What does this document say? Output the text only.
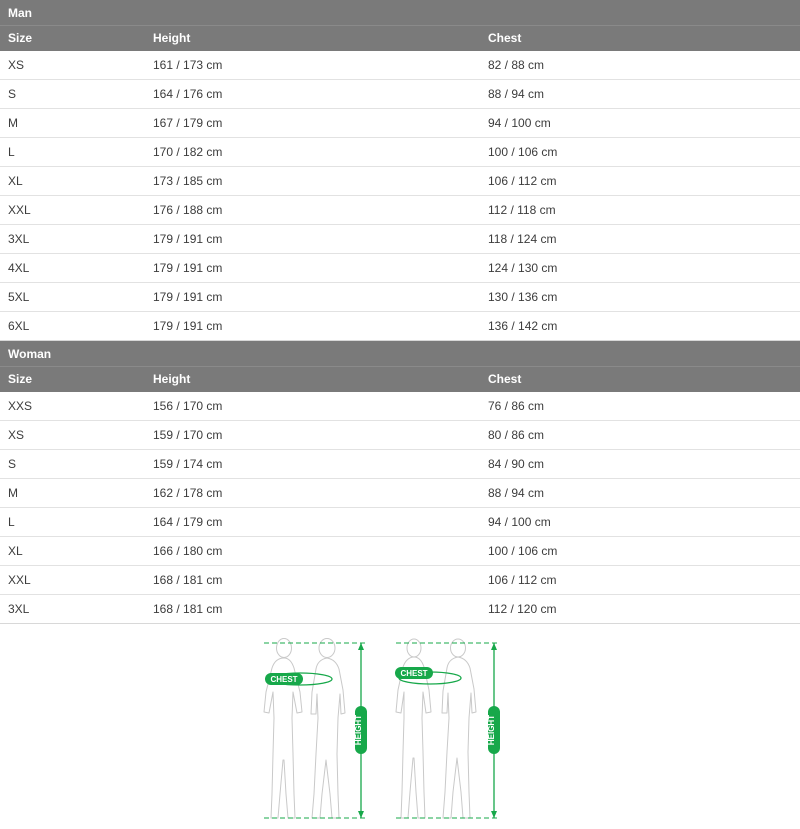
Man		
Size	Height	Chest
XS	161 / 173 cm	82 / 88 cm
S	164 / 176 cm	88 / 94 cm
M	167 / 179 cm	94 / 100 cm
L	170 / 182 cm	100 / 106 cm
XL	173 / 185 cm	106 / 112 cm
XXL	176 / 188 cm	112 / 118 cm
3XL	179 / 191 cm	118 / 124 cm
4XL	179 / 191 cm	124 / 130 cm
5XL	179 / 191 cm	130 / 136 cm
6XL	179 / 191 cm	136 / 142 cm
Woman		
Size	Height	Chest
XXS	156 / 170 cm	76 / 86 cm
XS	159 / 170 cm	80 / 86 cm
S	159 / 174 cm	84 / 90 cm
M	162 / 178 cm	88 / 94 cm
L	164 / 179 cm	94 / 100 cm
XL	166 / 180 cm	100 / 106 cm
XXL	168 / 181 cm	106 / 112 cm
3XL	168 / 181 cm	112 / 120 cm
CHEST
HEIGHT
CHEST
HEIGHT
